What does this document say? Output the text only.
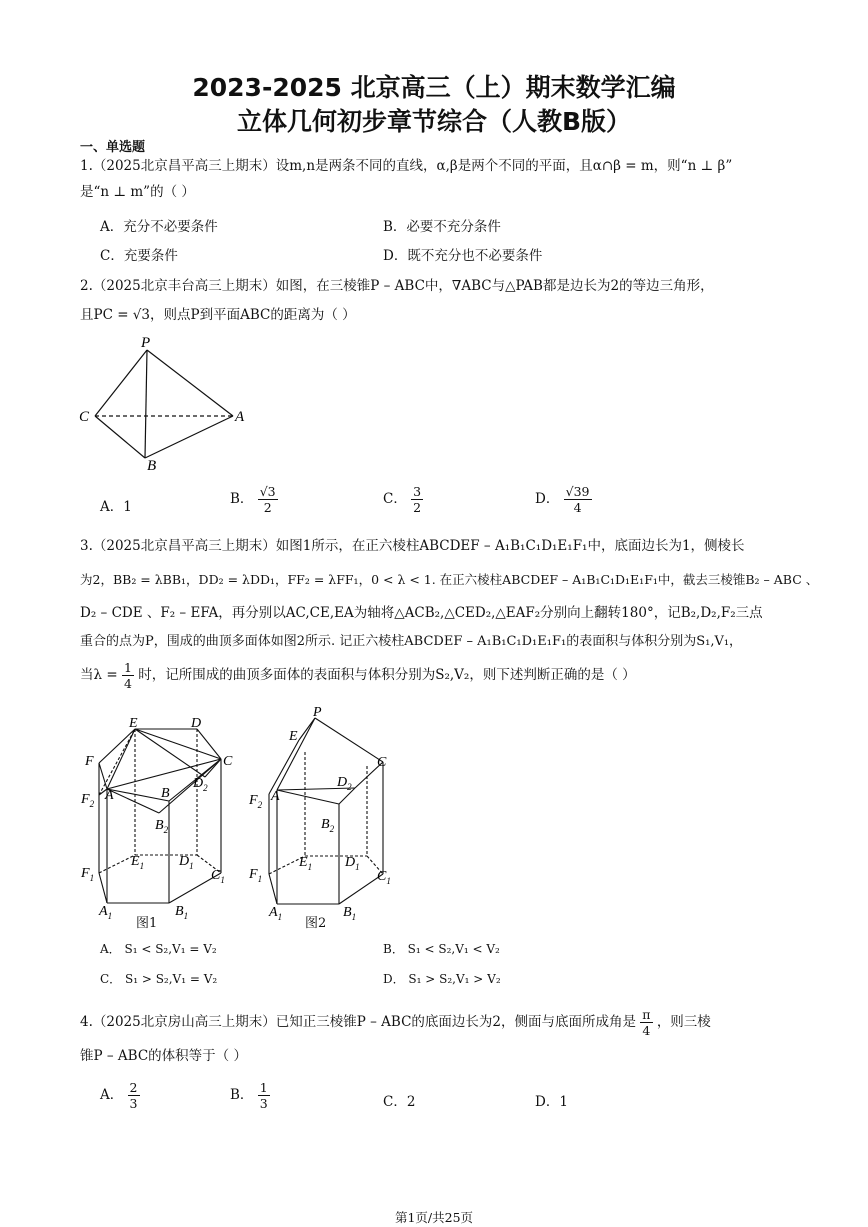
2023-2025 北京高三（上）期末数学汇编
立体几何初步章节综合（人教B版）
一、单选题
1.（2025北京昌平高三上期末）设m,n是两条不同的直线，α,β是两个不同的平面，且α∩β = m，则“n ⊥ β”
是“n ⊥ m”的（ ）
A．充分不必要条件	B．必要不充分条件
C．充要条件	D．既不充分也不必要条件
2.（2025北京丰台高三上期末）如图，在三棱锥P – ABC中，∇ABC与△PAB都是边长为2的等边三角形，
且PC = √3，则点P到平面ABC的距离为（ ）
P
C	A
B
A．1	B． $\frac{√3}{2}$	C． $\frac{3}{2}$	D． $\frac{√39}{4}$
3.（2025北京昌平高三上期末）如图1所示，在正六棱柱ABCDEF – A₁B₁C₁D₁E₁F₁中，底面边长为1，侧棱长
为2，BB₂ = λBB₁，DD₂ = λDD₁，FF₂ = λFF₁，0 < λ < 1. 在正六棱柱ABCDEF – A₁B₁C₁D₁E₁F₁中，截去三棱锥B₂ – ABC 、
D₂ – CDE 、F₂ – EFA，再分别以AC,CE,EA为轴将△ACB₂,△CED₂,△EAF₂分别向上翻转180°，记B₂,D₂,F₂三点
重合的点为P，围成的曲顶多面体如图2所示. 记正六棱柱ABCDEF – A₁B₁C₁D₁E₁F₁的表面积与体积分别为S₁,V₁，
当$\lambda = \frac{1}{4}$ 时，记所围成的曲顶多面体的表面积与体积分别为S₂,V₂，则下述判断正确的是（ ）
E	D
F	C
$F_2$
A	B
$D_2$
$B_2$
$E_1$ $D_1$
$F_1$	$C_1$
$A_1$	$B_1$
图1
P
E
C
$D_2$
$F_2$
A
$B_2$
$E_1$ $D_1$
$F_1$	$C_1$
$A_1$	$B_1$
图2
A． S₁ < S₂,V₁ = V₂	B． S₁ < S₂,V₁ < V₂
C． S₁ > S₂,V₁ = V₂	D． S₁ > S₂,V₁ > V₂
4.（2025北京房山高三上期末）已知正三棱锥P – ABC的底面边长为2，侧面与底面所成角是 $\frac{\pi}{4}$ ，则三棱
锥P – ABC的体积等于（ ）
A． $\frac{2}{3}$	B． $\frac{1}{3}$	C．2	D．1
第1页/共25页
